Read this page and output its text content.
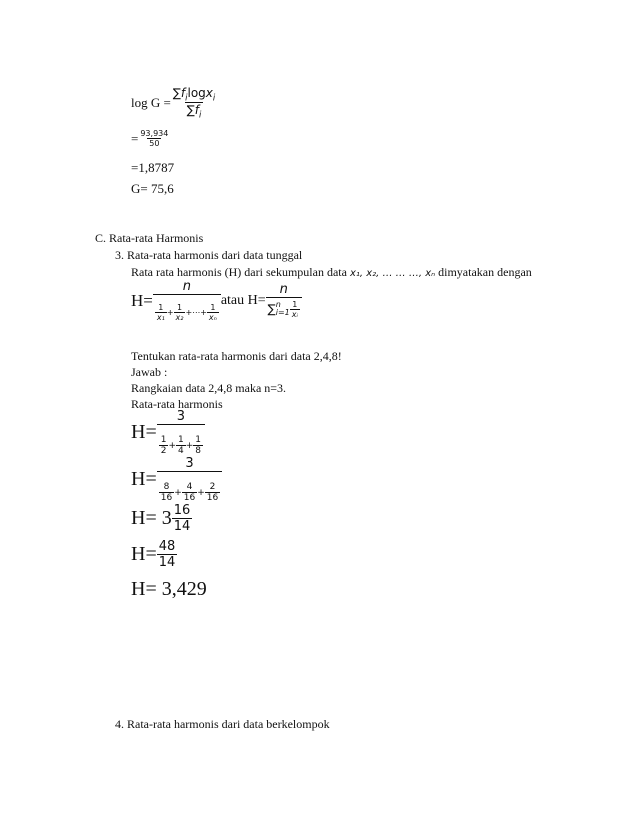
$\log G = \frac{\sum f_i\log x_i}{\sum f_i}$
= $\frac{93,934}{50}$
=1,8787
G= 75,6
C. Rata-rata Harmonis
3. Rata-rata harmonis dari data tunggal
Rata rata harmonis (H) dari sekumpulan data x₁, x₂, … … …, xₙ dimyatakan dengan
H=
n
$\frac{1}{\text{x₁}} + \frac{1}{\text{x₂}}$ +⋯+ $\frac{1}{\text{xₙ}}$
atau H=
n
∑ n
$i=1 \frac{1}{\text{xᵢ}}$
Tentukan rata-rata harmonis dari data 2,4,8!
Jawab :
Rangkaian data 2,4,8 maka n=3.
Rata-rata harmonis
H=
3
$\frac{1}{2} + \frac{1}{4} + \frac{1}{8}$
H=
3
$\frac{8}{16} + \frac{4}{16} + \frac{2}{16}$
$H= 3 \frac{16}{14}$
$H= \frac{48}{14}$
H= 3,429
4. Rata-rata harmonis dari data berkelompok
